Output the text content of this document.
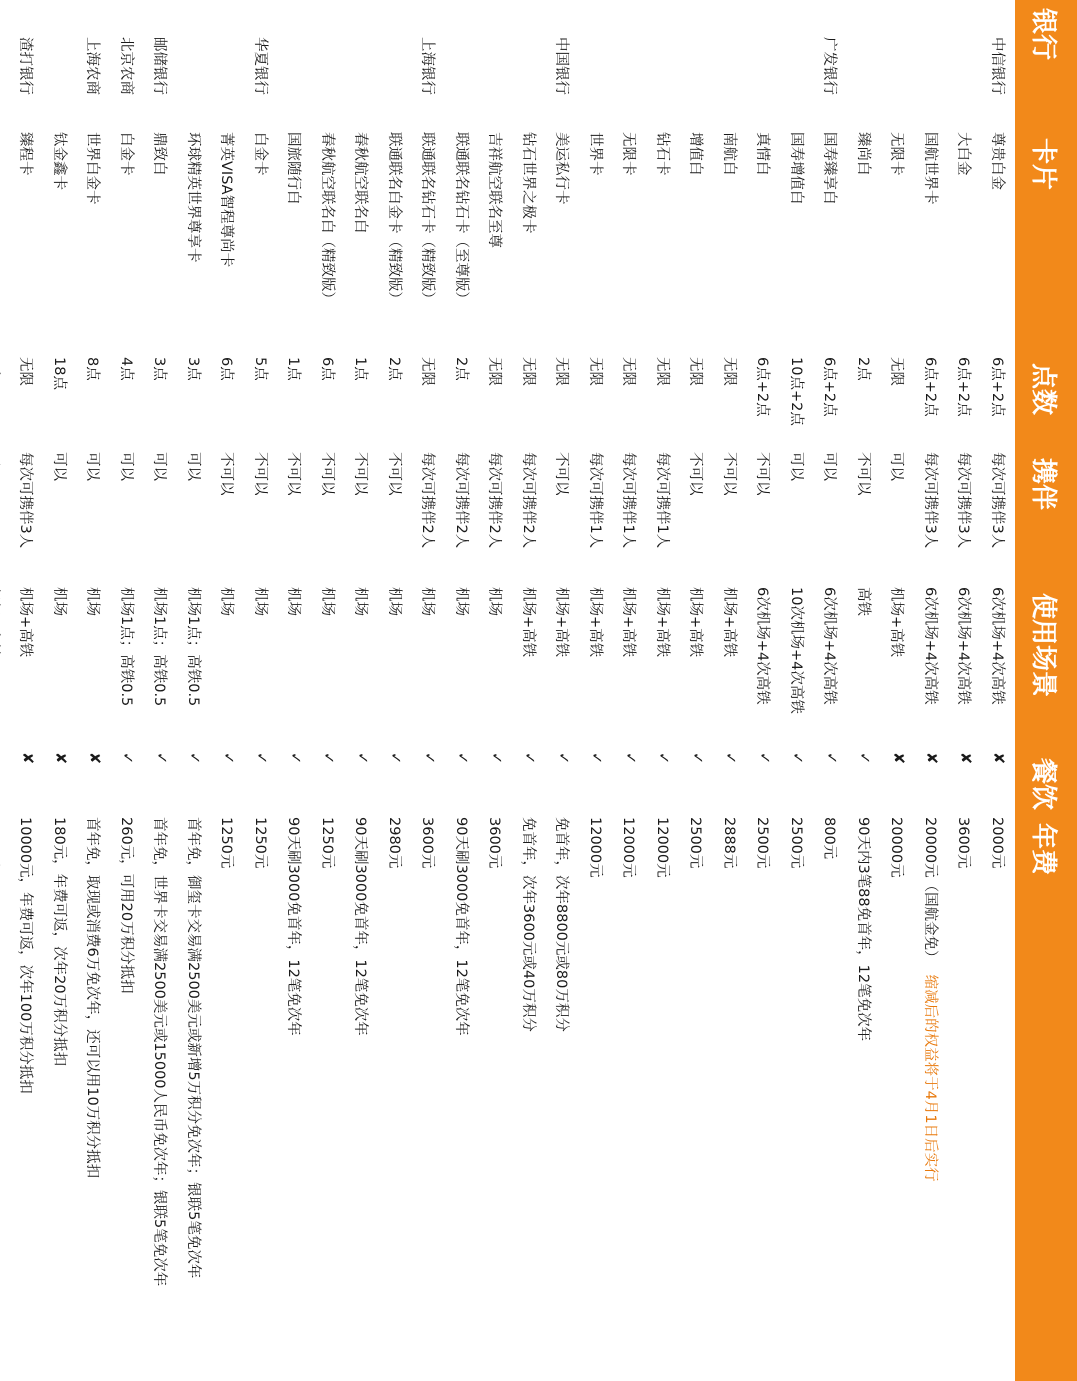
银行	卡片	点数	携伴	使用场景	餐饮	年费
中信银行	尊贵白金	6点+2点	每次可携伴3人	6次机场+4次高铁	✘	2000元
	大白金	6点+2点	每次可携伴3人	6次机场+4次高铁	✘	3600元
	国航世界卡	6点+2点	每次可携伴3人	6次机场+4次高铁	✘	20000元（国航金免）缩减后的权益将于4月1日后实行
	无限卡	无限	可以	机场+高铁	✘	20000元
	臻尚白	2点	不可以	高铁	✓	90天内3笔88免首年，12笔免次年
广发银行	国寿臻享白	6点+2点	可以	6次机场+4次高铁	✓	800元
	国寿增值白	10点+2点	可以	10次机场+4次高铁	✓	2500元
	真情白	6点+2点	不可以	6次机场+4次高铁	✓	2500元
	南航白	无限	不可以	机场+高铁	✓	2888元
	增值白	无限	不可以	机场+高铁	✓	2500元
	钻石卡	无限	每次可携伴1人	机场+高铁	✓	12000元
	无限卡	无限	每次可携伴1人	机场+高铁	✓	12000元
	世界卡	无限	每次可携伴1人	机场+高铁	✓	12000元
中国银行	美运私行卡	无限	不可以	机场+高铁	✓	免首年，次年8800元或80万积分
	钻石世界之极卡	无限	每次可携伴2人	机场+高铁	✓	免首年，次年3600元或40万积分
	吉祥航空联名至尊	无限	每次可携伴2人	机场	✓	3600元
	联通联名钻石卡（至尊版）	2点	每次可携伴2人	机场	✓	90天刷3000免首年，12笔免次年
上海银行	联通联名钻石卡（精致版）	无限	每次可携伴2人	机场	✓	3600元
	联通联名白金卡（精致版）	2点	不可以	机场	✓	2980元
	春秋航空联名白	1点	不可以	机场	✓	90天刷3000免首年，12笔免次年
	春秋航空联名白（精致版）	6点	不可以	机场	✓	1250元
	国旅随行白	1点	不可以	机场	✓	90天刷3000免首年，12笔免次年
华夏银行	白金卡	5点	不可以	机场	✓	1250元
	菁英VISA智程尊尚卡	6点	不可以	机场	✓	1250元
	环球精英世界尊享卡	3点	可以	机场1点；高铁0.5	✓	首年免，御玺卡交易满2500美元或新增5万积分免次年；银联5笔免次年
邮储银行	鼎致白	3点	可以	机场1点；高铁0.5	✓	首年免，世界卡交易满2500美元或15000人民币免次年；银联5笔免次年
北京农商	白金卡	4点	可以	机场1点；高铁0.5	✓	260元，可用20万积分抵扣
上海农商	世界白金卡	8点	可以	机场	✘	首年免，取现或消费6万免次年，还可以用10万积分抵扣
	钛金鑫卡	18点	可以	机场	✘	180元，年费可返，次年20万积分抵扣
渣打银行	臻程卡	无限	每次可携伴3人	机场+高铁	✘	10000元，年费可返，次年100万积分抵扣
